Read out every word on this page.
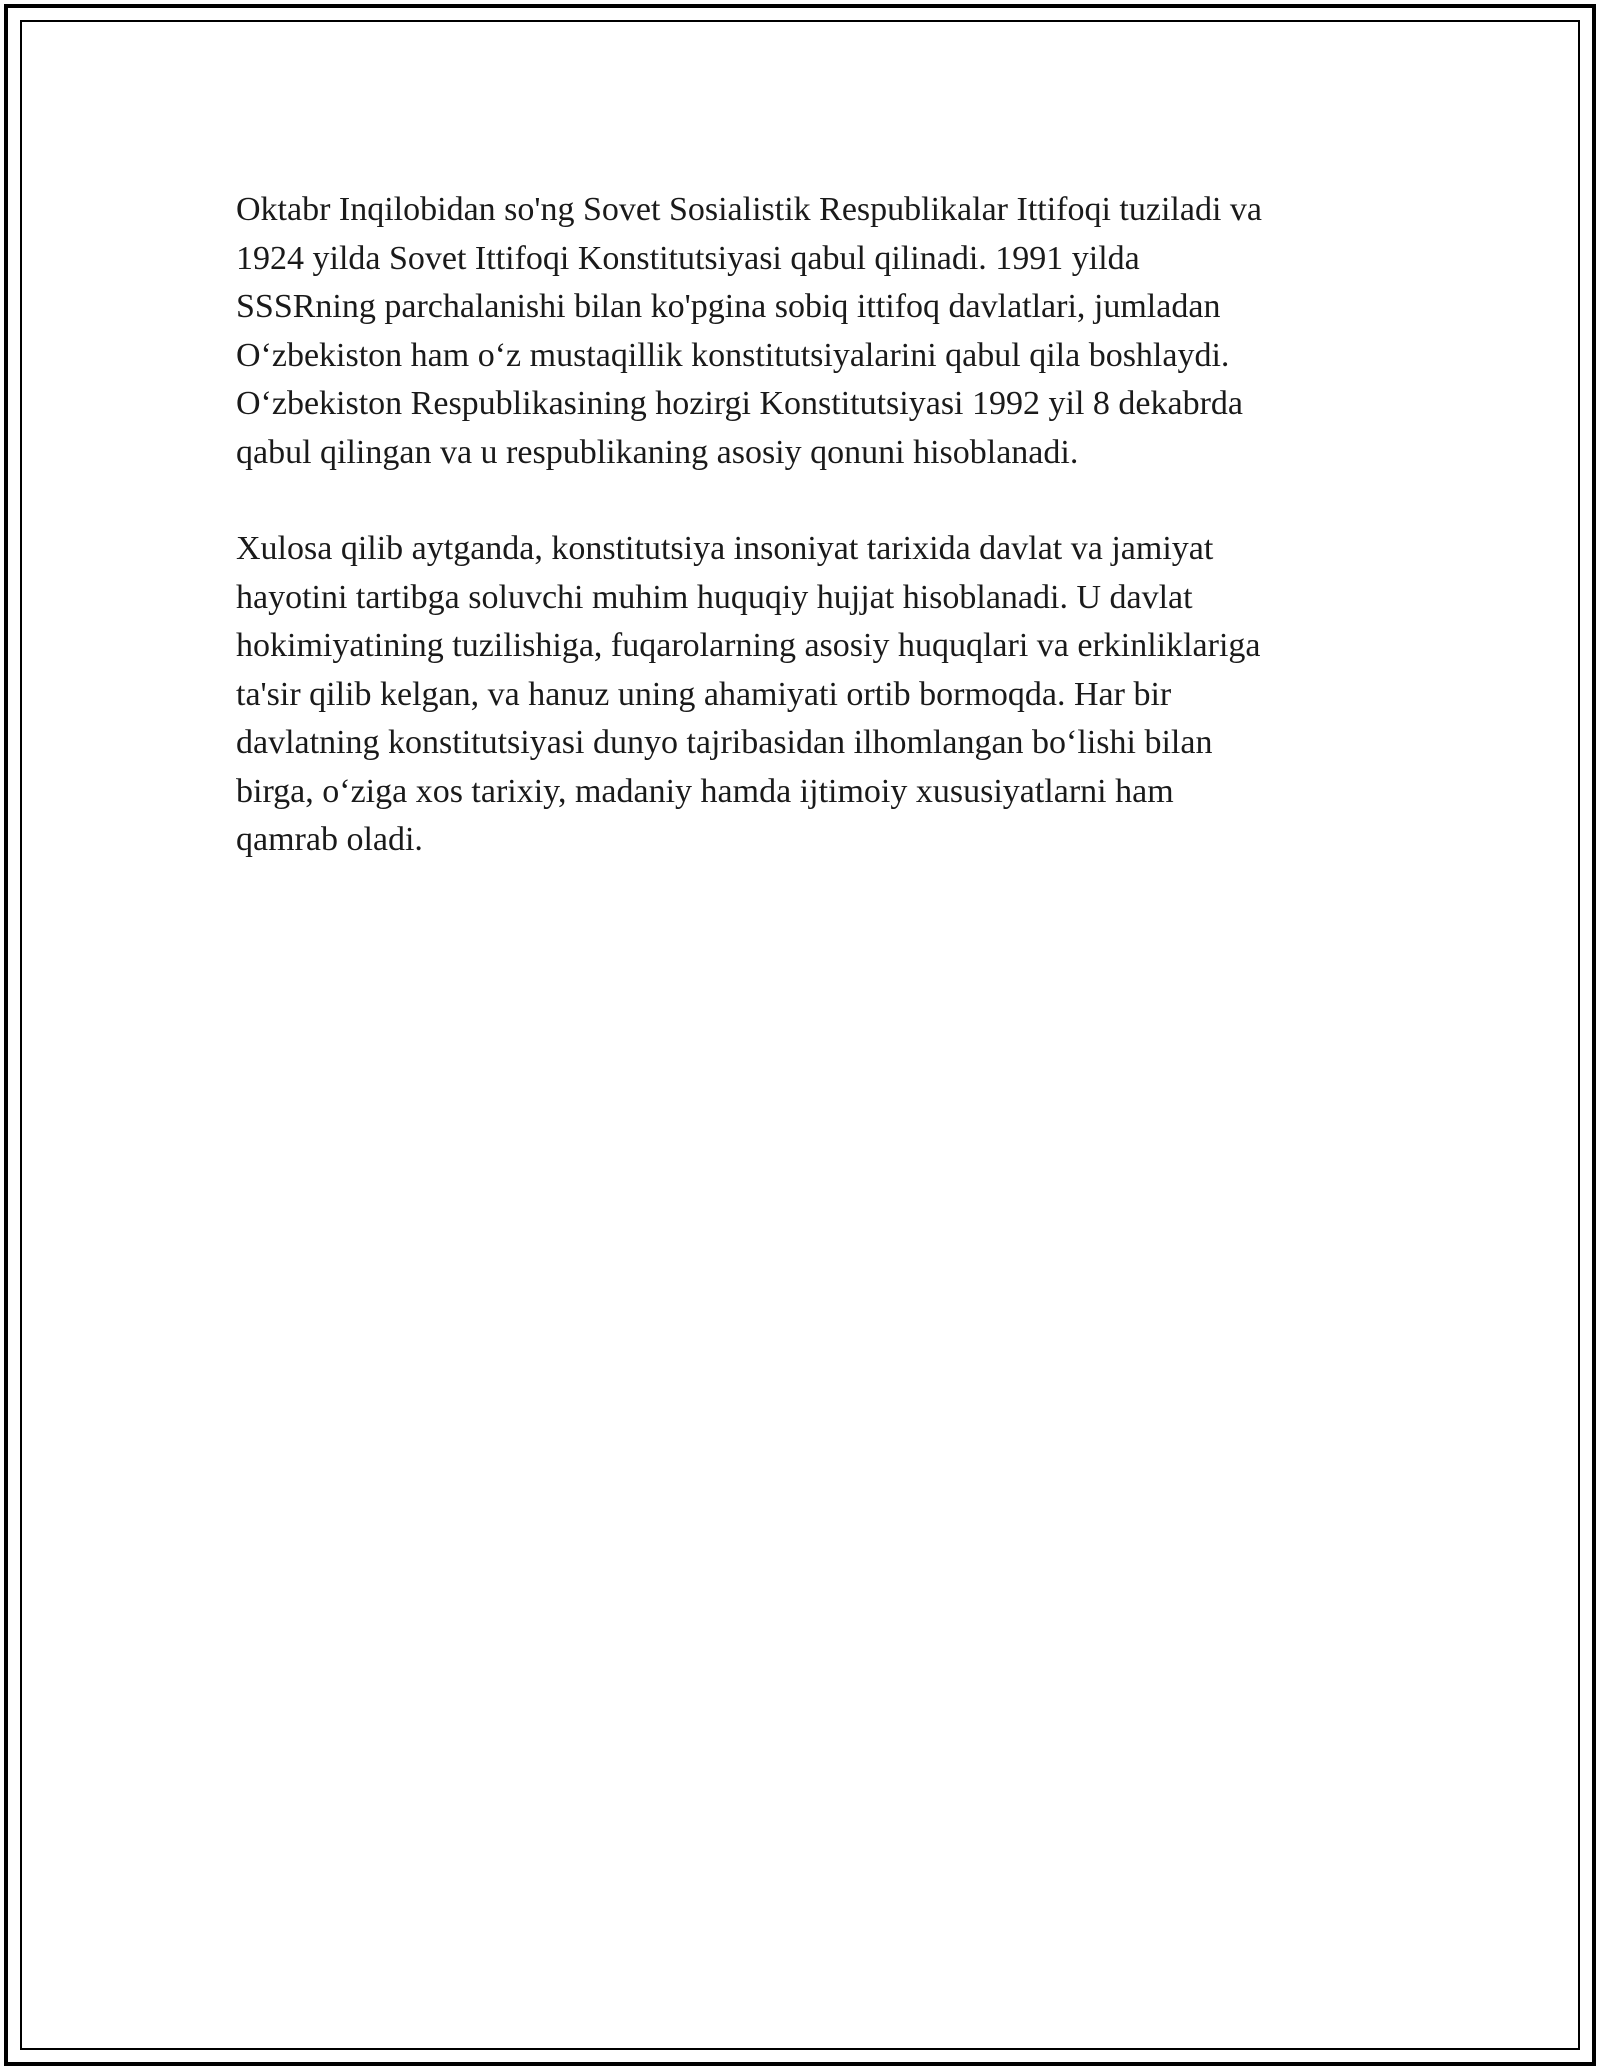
Oktabr Inqilobidan so'ng Sovet Sosialistik Respublikalar Ittifoqi tuziladi va
1924 yilda Sovet Ittifoqi Konstitutsiyasi qabul qilinadi. 1991 yilda
SSSRning parchalanishi bilan ko'pgina sobiq ittifoq davlatlari, jumladan
O‘zbekiston ham o‘z mustaqillik konstitutsiyalarini qabul qila boshlaydi.
O‘zbekiston Respublikasining hozirgi Konstitutsiyasi 1992 yil 8 dekabrda
qabul qilingan va u respublikaning asosiy qonuni hisoblanadi.

Xulosa qilib aytganda, konstitutsiya insoniyat tarixida davlat va jamiyat
hayotini tartibga soluvchi muhim huquqiy hujjat hisoblanadi. U davlat
hokimiyatining tuzilishiga, fuqarolarning asosiy huquqlari va erkinliklariga
ta'sir qilib kelgan, va hanuz uning ahamiyati ortib bormoqda. Har bir
davlatning konstitutsiyasi dunyo tajribasidan ilhomlangan bo‘lishi bilan
birga, o‘ziga xos tarixiy, madaniy hamda ijtimoiy xususiyatlarni ham
qamrab oladi.
